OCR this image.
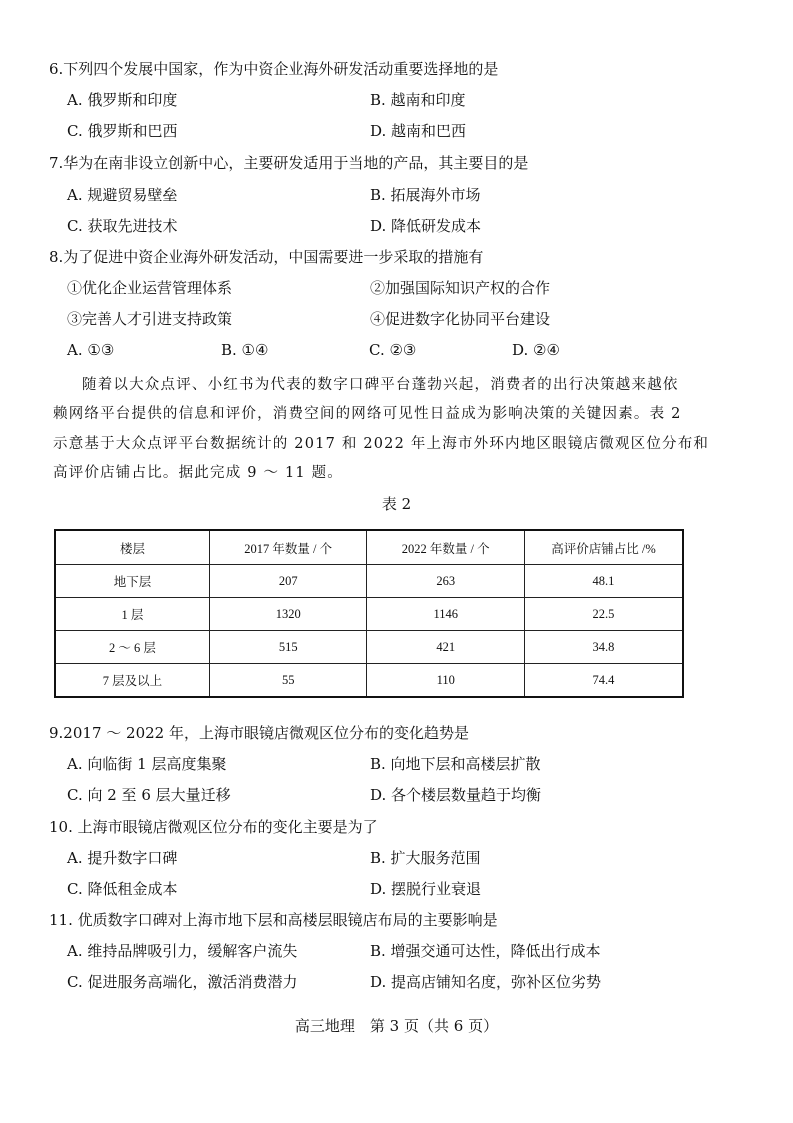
6.下列四个发展中国家，作为中资企业海外研发活动重要选择地的是
A. 俄罗斯和印度	B. 越南和印度
C. 俄罗斯和巴西	D. 越南和巴西
7.华为在南非设立创新中心，主要研发适用于当地的产品，其主要目的是
A. 规避贸易壁垒	B. 拓展海外市场
C. 获取先进技术	D. 降低研发成本
8.为了促进中资企业海外研发活动，中国需要进一步采取的措施有
①优化企业运营管理体系	②加强国际知识产权的合作
③完善人才引进支持政策	④促进数字化协同平台建设
A. ①③	B. ①④	C. ②③	D. ②④
随着以大众点评、小红书为代表的数字口碑平台蓬勃兴起，消费者的出行决策越来越依
赖网络平台提供的信息和评价，消费空间的网络可见性日益成为影响决策的关键因素。表 2
示意基于大众点评平台数据统计的 2017 和 2022 年上海市外环内地区眼镜店微观区位分布和
高评价店铺占比。据此完成 9 ～ 11 题。
表 2
楼层	2017 年数量 / 个	2022 年数量 / 个	高评价店铺占比 /%
地下层	207	263	48.1
1 层	1320	1146	22.5
2 ～ 6 层	515	421	34.8
7 层及以上	55	110	74.4
9.2017 ～ 2022 年，上海市眼镜店微观区位分布的变化趋势是
A. 向临街 1 层高度集聚	B. 向地下层和高楼层扩散
C. 向 2 至 6 层大量迁移	D. 各个楼层数量趋于均衡
10. 上海市眼镜店微观区位分布的变化主要是为了
A. 提升数字口碑	B. 扩大服务范围
C. 降低租金成本	D. 摆脱行业衰退
11. 优质数字口碑对上海市地下层和高楼层眼镜店布局的主要影响是
A. 维持品牌吸引力，缓解客户流失	B. 增强交通可达性，降低出行成本
C. 促进服务高端化，激活消费潜力	D. 提高店铺知名度，弥补区位劣势
高三地理　第 3 页（共 6 页）
